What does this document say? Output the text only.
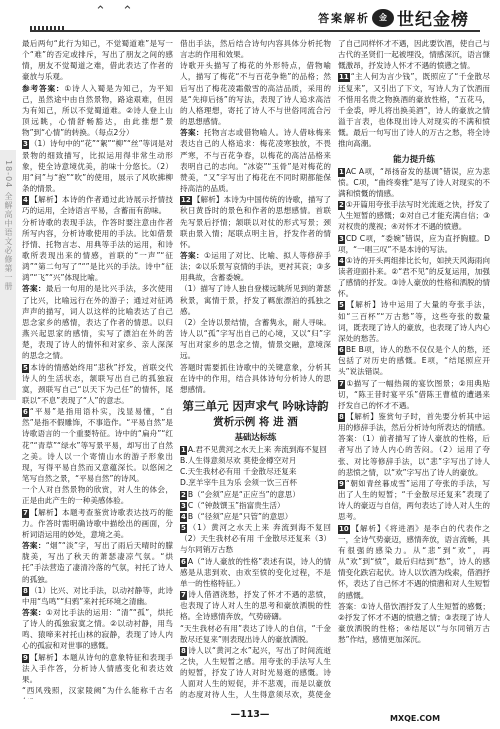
⌃ ⌃	答案解析	金 世纪金榜
18-04 全解高中语文必修第一册

最后两句“此行为知己，不觉蜀道难”是写一个“难”的否定或排斥，写出了朋友之间的感情，朋友不觉蜀道之难，借此表达了作者的豪放与乐观。

参考答案：①诗人入蜀是为知己，为平知己，虽然途中由自然景物，路途艰难，但因为有知己，所以不觉蜀道难。②诗人登上山顶远眺，心情舒畅豁达，由此推想“景物”到“心情”的转换。（每点2分）

3 （1）诗句中的“花”“絮”“柳”“丝”等词是对景物的细致描写，比拟运用得非常生动形象，使全诗意境优美，韵味十分悠长。（2）用“问”与“抱”“吹”的使用，展示了风吹拂柳条的情景。

4 【解析】本诗的作者通过此诗展示抒情技巧的运用，全诗语言平易，含蓄而有韵味。

分析诗歌的表现手法，作答时要注意由作者所写内容，分析诗歌使用的手法。比如借景抒情、托物言志、用典等手法的运用，和诗歌所表现出来的情感，首联的“一声”“征鸿”“第二句写了”“”是比兴的手法。诗中“征鸿”“飞”“兴”体现比喻。

答案：最后一句用的是比兴手法，多次使用了比兴，比喻远行在外的游子；通过对征鸿声声的描写，词人以这样的比喻表达了自己思念家乡的感情，表达了作者的情思。以归燕兴起思家的感情，实写了漂泊在外的苦楚，表现了诗人的情怀和对家乡、亲人深深的思念之情。

5 本诗的情感始终用“悲秋”抒发，首联交代诗人的生活状态，颔联写出自己的孤独寂寞，颈联写自己“以天下为己任”的情怀，尾联以“不息”表现了“人”的意志。

6 “平易”是指用语朴实，浅显易懂，“自然”是指不假雕饰，不事造作。“平易自然”是诗歌语言的一个重要特征。诗中的“扁舟”“红花”“青草”“绿水”等写景平易，却写出了自然之美。诗人以一个寄情山水的游子形象出现，写得平易自然而又意蕴深长。以悠闲之笔写自然之景，“平易自然”的诗风。

一个人对自然景物的欣赏，对人生的体会，正是由此产生的一种美感体验。

7 【解析】本题考查鉴赏诗歌表达技巧的能力。作答时需明确诗歌中描绘出的画面，分析词语运用的妙处，意境之美。

答案：“烟”“淡”字，写出了雨后天晴时的朦胧美，写出了秋天的萧瑟凄凉气氛。“烘托”手法营造了凄清冷落的气氛，衬托了诗人的孤独。

8 （1）比兴、对比手法，以动衬静等，此诗中用“鸟鸣”“归鸦”来衬托环境之清幽。

答案：①对比手法的运用：“清”“孤”，烘托了诗人的孤独寂寞之情。②以动衬静，用鸟鸣、猿啼来衬托山林的寂静，表现了诗人内心的孤寂和对世事的感慨。

9 【解析】本题从诗句的意象特征和表现手法入手作答，分析诗人情感变化和表达效果。

“西风残照，汉家陵阙”为什么能称千古名

借出手法，然后结合诗句内容具体分析托物言志的作用和效果。

诗歌开头描写了梅花的外形特点，借物喻人，描写了梅花“不与百花争艳”的品格；然后写出了梅花凌霜傲雪的高洁品质，采用的是“先抑后扬”的写法，表现了诗人追求高洁的人格理想，寄托了诗人不与世俗同流合污的思想感情。

答案：托物言志或借物喻人。诗人借咏梅来表达自己的人格追求：梅花凌寒独放，不畏严寒，不与百花争春，以梅花的高洁品格来表明自己的志向。“冰姿”“玉骨”是对梅花的赞美，“又”字写出了梅花在不同时期都能保持高洁的品质。

12 【解析】本诗为中国传统的诗歌，描写了秋日黄昏时的景色和作者的思想感情。首联先写景后抒情；颔联以对仗的形式写景；颈联由景入情；尾联点明主旨，抒发作者的情怀。

答案：①运用了对比、比喻、拟人等修辞手法；②以乐景写哀情的手法，更衬其哀；③多用典故，含蓄委婉。

（1）描写了诗人独自登楼远眺所见到的萧瑟秋景，寓情于景，抒发了羁旅漂泊的孤独之感。

（2）全诗以景结情，含蓄隽永，耐人寻味。诗人以“孤”字写出自己的心境，又以“归”字写出对家乡的思念之情，情景交融，意境深远。

答题时需要抓住诗歌中的关键意象，分析其在诗中的作用，结合具体诗句分析诗人的思想感情。

第三单元 因声求气 吟咏诗韵
赏析示例 将 进 酒
基础达标练

1 A.君不见黄河之水天上来 奔流到海不复回

B.人生得意须尽欢 莫使金樽空对月

C.天生我材必有用 千金散尽还复来

D.烹羊宰牛且为乐 会须一饮三百杯

2 B（“会须”应是“正应当”的意思）

3 C（“钟鼓馔玉”指富贵生活）

4 B（“径须”应是“只管”的意思）

5 （1）黄河之水天上来 奔流到海不复回（2）天生我材必有用 千金散尽还复来（3）与尔同销万古愁

6 A（“诗人豪放的性格”表述有误，诗人的情感是从悲到欢、由欢至愤的变化过程，不是单一的性格特征。）

7 诗人借酒浇愁，抒发了怀才不遇的悲愤，也表现了诗人对人生的思考和豪放洒脱的性格。全诗感情奔放，气势磅礴。

“天生我材必有用”表达了诗人的自信，“千金散尽还复来”则表现出诗人的豪放洒脱。

8 诗人以“黄河之水”起兴，写出了时间流逝之快，人生短暂之感。用夸张的手法写人生的短暂，抒发了诗人对时光易逝的感慨。诗人面对人生的短促，并不悲观，而是以豪放的态度对待人生，人生得意须尽欢，莫使金

了自己同样怀才不遇，因此要饮酒，使自己与古代的圣贤们一起被埋没，情感深沉，语言慷慨激昂，抒发诗人怀才不遇的愤懑之情。

11 “主人何为言少钱”，既照应了“千金散尽还复来”，又引出了下文，写诗人为了饮酒而不惜用名贵之物换酒的豪放性格，“五花马，千金裘，呼儿将出换美酒”，诗人的豪放之情溢于言表，也体现出诗人对现实的不满和愤慨。最后一句写出了诗人的万古之愁，将全诗推向高潮。

能力提升练

1 AC A项，“昂扬奋发的基调”错误，应为悲愤。C项，“曲终奏雅”是写了诗人对现实的不满和愤慨的情感。

2 ①开篇用夸张手法写时光流逝之快，抒发了人生短暂的感慨；②对自己才能充满自信；③对权贵的蔑视；④对怀才不遇的愤懑。

3 CD C项，“委婉”错误，应为直抒胸臆。D项，“一唱三叹”不是本诗的写法。

4 ①诗的开头两组排比长句，如挟天风海雨向读者迎面扑来。②“君不见”的反复运用，加强了感情的抒发。③诗人豪放的性格和洒脱的情怀。

5 【解析】诗中运用了大量的夸张手法，如“三百杯”“万古愁”等，这些夸张的数量词，既表现了诗人的豪放，也表现了诗人内心深处的愁苦。

6 BE B项，诗人的愁不仅仅是个人的愁，还包括了对历史的感慨。E项，“结尾照应开头”说法错误。

7 ①描写了一幅热闹的宴饮图景；②用典贴切，“陈王昔时宴平乐”借陈王曹植的遭遇来抒发自己的怀才不遇。

8 【解析】鉴赏句子时，首先要分析其中运用的修辞手法，然后分析诗句所表达的情感。

答案：（1）前者描写了诗人豪放的性格，后者写出了诗人内心的苦闷。（2）运用了夸张、对比等修辞手法，以“悲”字写出了诗人的悲愤之情，以“欢”字写出了诗人的豪放。

9 “朝如青丝暮成雪”运用了夸张的手法，写出了人生的短暂；“千金散尽还复来”表现了诗人的豪迈与自信，两句表达了诗人对人生的思考。

10 【解析】《将进酒》是李白的代表作之一，全诗气势豪迈，感情奔放，语言流畅，具有很强的感染力。从“悲”到“欢”，再从“欢”到“愤”，最后归结到“愁”，诗人的感情变化跌宕起伏。诗人以饮酒为线索，借酒抒怀，表达了自己怀才不遇的愤懑和对人生短暂的感慨。

答案：①诗人借饮酒抒发了人生短暂的感慨；②抒发了怀才不遇的愤懑之情；③表现了诗人豪放洒脱的性格；④结尾以“与尔同销万古愁”作结，感情更加深沉。

—113—	MXQE.COM
